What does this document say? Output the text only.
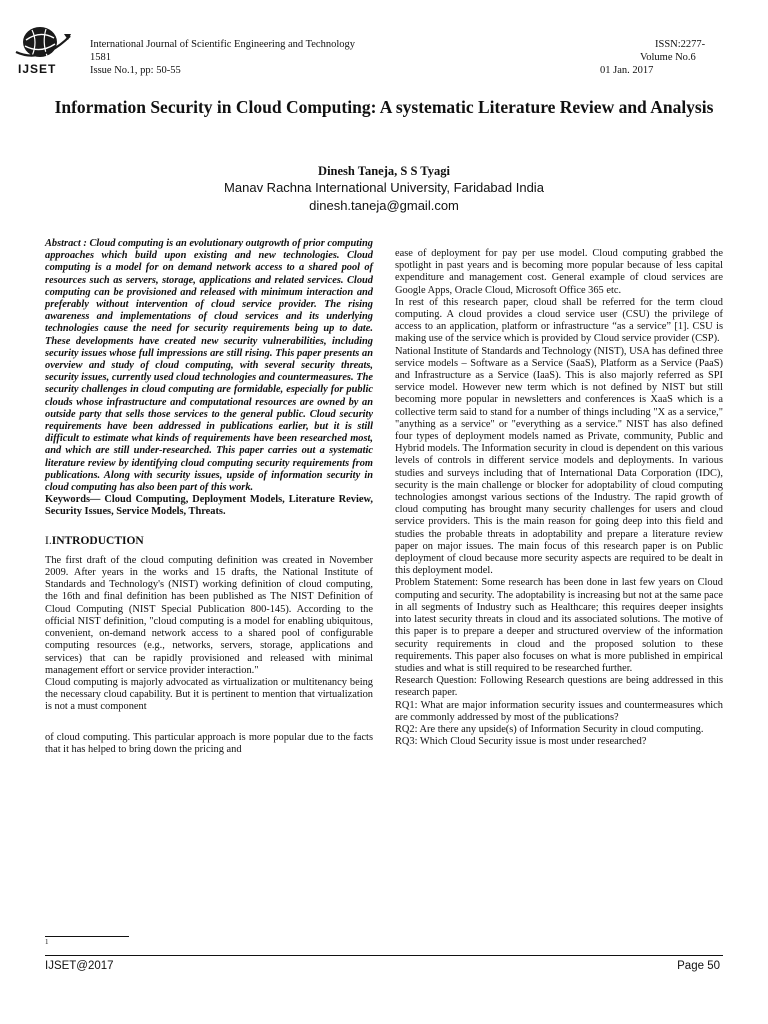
IJSET
International Journal of Scientific Engineering and Technology
1581
Issue No.1, pp: 50-55
ISSN:2277-
Volume No.6
01 Jan. 2017
Information Security in Cloud Computing: A systematic Literature Review and Analysis
Dinesh Taneja, S S Tyagi
Manav Rachna International University, Faridabad India
dinesh.taneja@gmail.com

Abstract : Cloud computing is an evolutionary outgrowth of prior computing approaches which build upon existing and new technologies. Cloud computing is a model for on demand network access to a shared pool of resources such as servers, storage, applications and related services. Cloud computing can be provisioned and released with minimum interaction and preferably without intervention of cloud service provider. The rising awareness and implementations of cloud services and its underlying technologies cause the need for security requirements being up to date. These developments have created new security vulnerabilities, including security issues whose full impressions are still rising. This paper presents an overview and study of cloud computing, with several security threats, security issues, currently used cloud technologies and countermeasures. The security challenges in cloud computing are formidable, especially for public clouds whose infrastructure and computational resources are owned by an outside party that sells those services to the general public. Cloud security requirements have been addressed in publications earlier, but it is still difficult to estimate what kinds of requirements have been researched most, and which are still under-researched. This paper carries out a systematic literature review by identifying cloud computing security requirements from publications. Along with security issues, upside of information security in cloud computing has also been part of this work.

Keywords— Cloud Computing, Deployment Models, Literature Review, Security Issues, Service Models, Threats.

I.INTRODUCTION

The first draft of the cloud computing definition was created in November 2009. After years in the works and 15 drafts, the National Institute of Standards and Technology's (NIST) working definition of cloud computing, the 16th and final definition has been published as The NIST Definition of Cloud Computing (NIST Special Publication 800-145). According to the official NIST definition, "cloud computing is a model for enabling ubiquitous, convenient, on-demand network access to a shared pool of configurable computing resources (e.g., networks, servers, storage, applications and services) that can be rapidly provisioned and released with minimal management effort or service provider interaction."

Cloud computing is majorly advocated as virtualization or multitenancy being the necessary cloud capability. But it is pertinent to mention that virtualization is not a must component

of cloud computing. This particular approach is more popular due to the facts that it has helped to bring down the pricing and

ease of deployment for pay per use model. Cloud computing grabbed the spotlight in past years and is becoming more popular because of less capital expenditure and management cost. General example of cloud services are Google Apps, Oracle Cloud, Microsoft Office 365 etc.

In rest of this research paper, cloud shall be referred for the term cloud computing. A cloud provides a cloud service user (CSU) the privilege of access to an application, platform or infrastructure “as a service” [1]. CSU is making use of the service which is provided by Cloud service provider (CSP).

National Institute of Standards and Technology (NIST), USA has defined three service models – Software as a Service (SaaS), Platform as a Service (PaaS) and Infrastructure as a Service (IaaS). This is also majorly referred as SPI service model. However new term which is not defined by NIST but still becoming more popular in newsletters and conferences is XaaS which is a collective term said to stand for a number of things including "X as a service," "anything as a service" or "everything as a service." NIST has also defined four types of deployment models named as Private, community, Public and Hybrid models. The Information security in cloud is dependent on this various levels of controls in different service models and deployments. In various studies and surveys including that of International Data Corporation (IDC), security is the main challenge or blocker for adoptability of cloud computing technologies amongst various sections of the Industry. The rapid growth of cloud computing has brought many security challenges for users and cloud service providers. This is the main reason for going deep into this field and studies the probable threats in adoptability and prepare a literature review paper on major issues. The main focus of this research paper is on Public deployment of cloud because more security aspects are required to be dealt in this deployment model.

Problem Statement: Some research has been done in last few years on Cloud computing and security. The adoptability is increasing but not at the same pace in all segments of Industry such as Healthcare; this requires deeper insights into latest security threats in cloud and its associated solutions. The motive of this paper is to prepare a deeper and structured overview of the information security requirements in cloud and the proposed solution to these requirements. This paper also focuses on what is more published in empirical studies and what is still required to be researched further.

Research Question: Following Research questions are being addressed in this research paper.

RQ1: What are major information security issues and countermeasures which are commonly addressed by most of the publications?

RQ2: Are there any upside(s) of Information Security in cloud computing.

RQ3: Which Cloud Security issue is most under researched?

1
IJSET@2017	Page 50
